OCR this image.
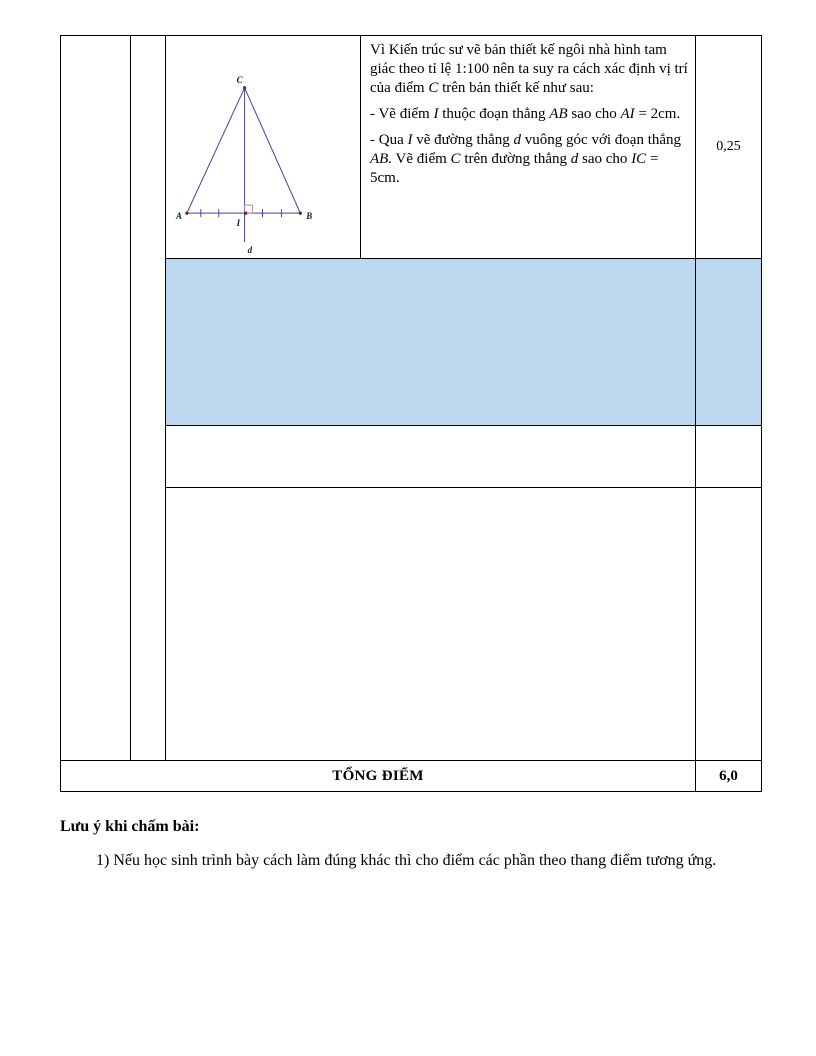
C
A	B
I
d

Vì Kiến trúc sư vẽ bản thiết kế ngôi nhà hình tam giác theo tỉ lệ 1:100 nên ta suy ra cách xác định vị trí của điểm C trên bản thiết kế như sau:

- Vẽ điểm I thuộc đoạn thẳng AB sao cho AI = 2cm.

- Qua I vẽ đường thẳng d vuông góc với đoạn thẳng AB. Vẽ điểm C trên đường thẳng d sao cho IC = 5cm.

0,25
TỔNG ĐIỂM	6,0
Lưu ý khi chấm bài:

1) Nếu học sinh trình bày cách làm đúng khác thì cho điểm các phần theo thang điểm tương ứng.
